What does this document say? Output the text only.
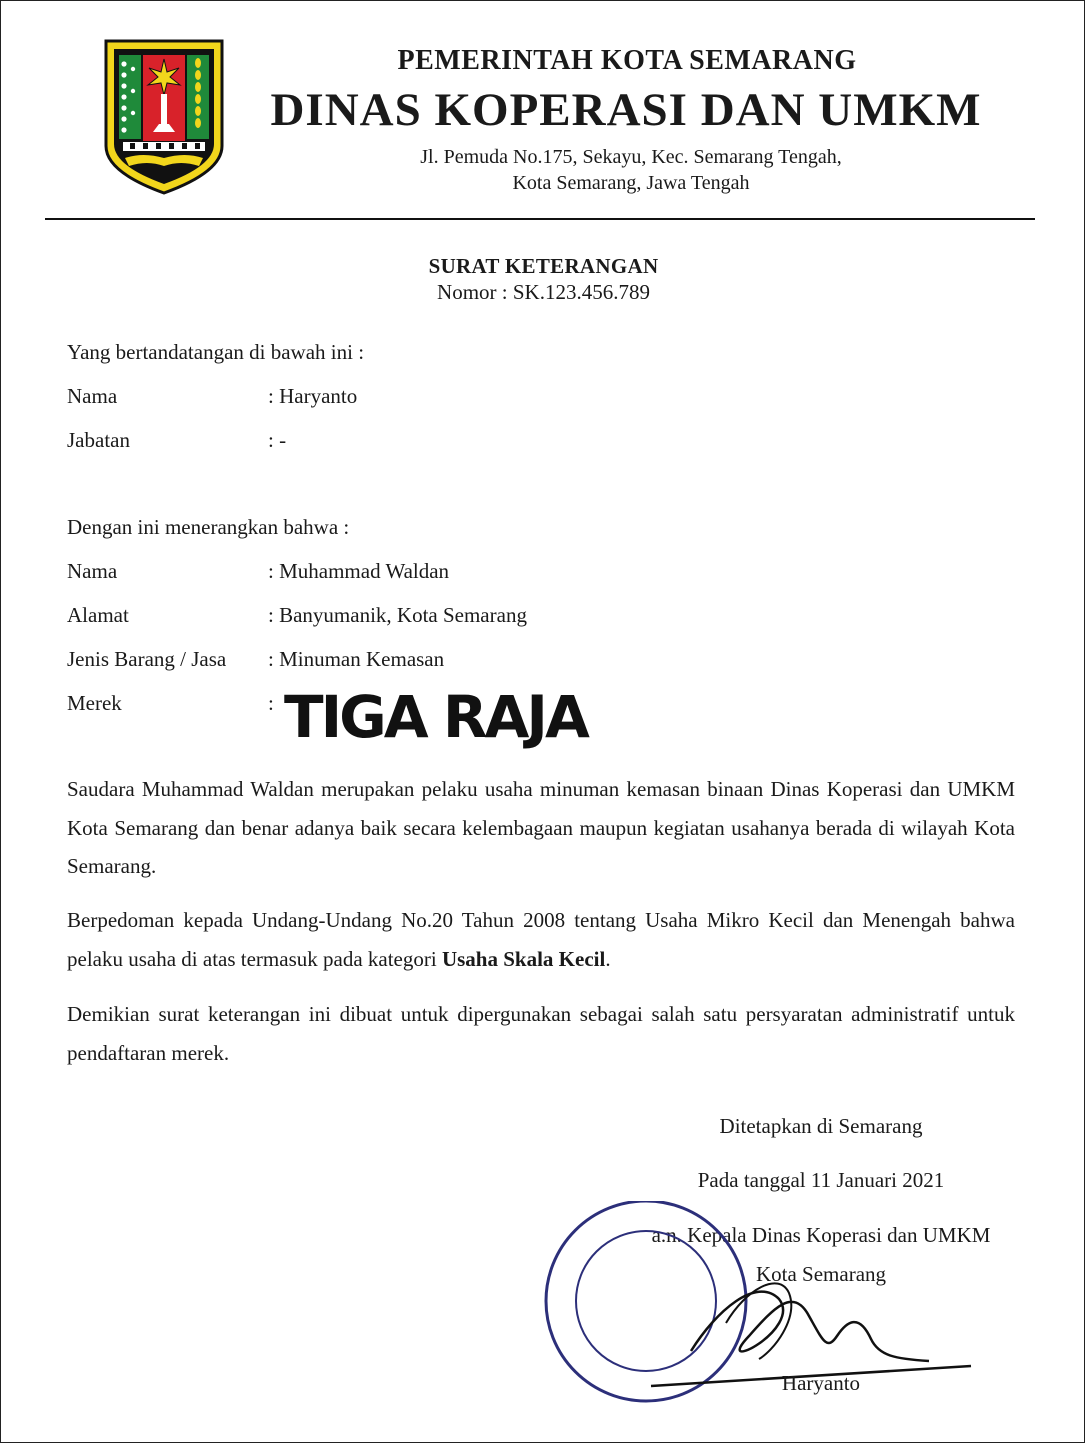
PEMERINTAH KOTA SEMARANG
DINAS KOPERASI DAN UMKM
Jl. Pemuda No.175, Sekayu, Kec. Semarang Tengah,
Kota Semarang, Jawa Tengah
SURAT KETERANGAN
Nomor : SK.123.456.789
Yang bertandatangan di bawah ini :
Nama	: Haryanto
Jabatan	: -
Dengan ini menerangkan bahwa :
Nama	: Muhammad Waldan
Alamat	: Banyumanik, Kota Semarang
Jenis Barang / Jasa : Minuman Kemasan
Merek	: TIGA RAJA
Saudara Muhammad Waldan merupakan pelaku usaha minuman kemasan binaan Dinas Koperasi dan UMKM Kota Semarang dan benar adanya baik secara kelembagaan maupun kegiatan usahanya berada di wilayah Kota Semarang.
Berpedoman kepada Undang-Undang No.20 Tahun 2008 tentang Usaha Mikro Kecil dan Menengah bahwa pelaku usaha di atas termasuk pada kategori Usaha Skala Kecil.
Demikian surat keterangan ini dibuat untuk dipergunakan sebagai salah satu persyaratan administratif untuk pendaftaran merek.
Ditetapkan di Semarang
Pada tanggal 11 Januari 2021
a.n. Kepala Dinas Koperasi dan UMKM
Kota Semarang
Haryanto
